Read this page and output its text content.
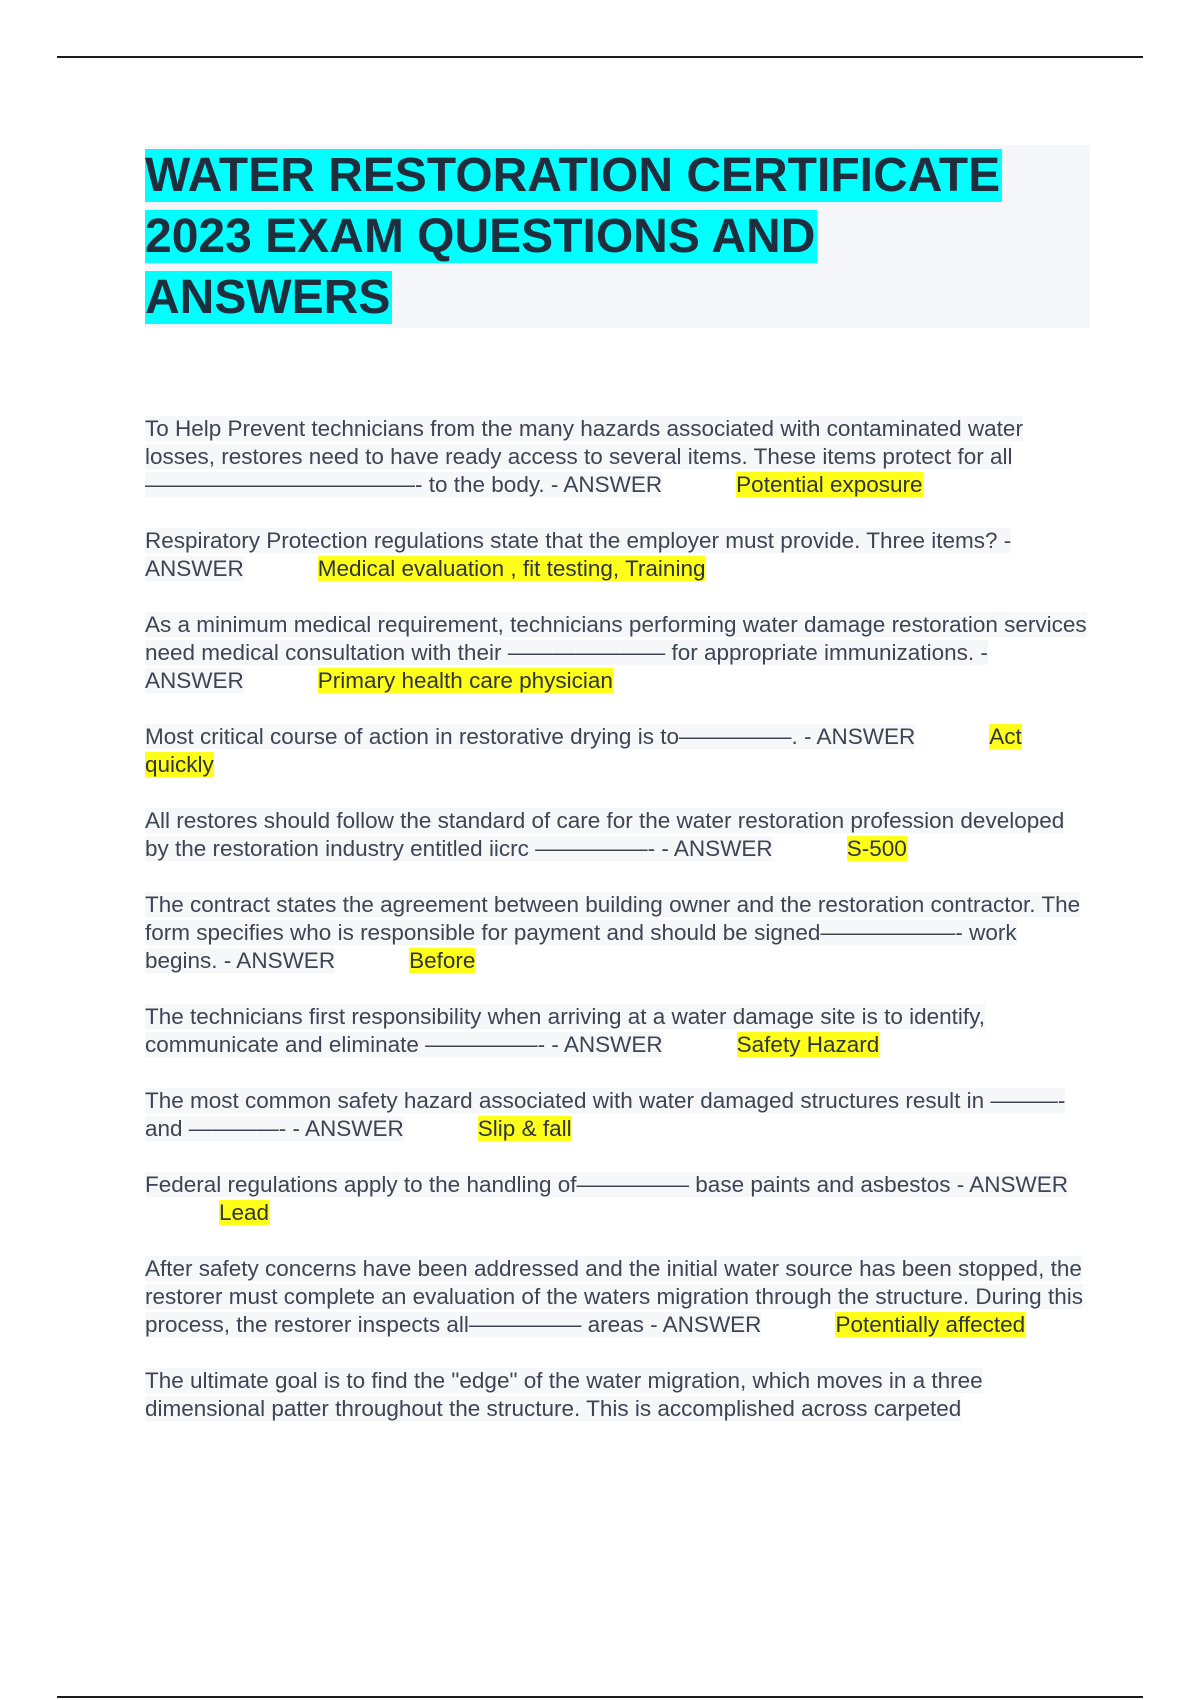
WATER RESTORATION CERTIFICATE
2023 EXAM QUESTIONS AND
ANSWERS

To Help Prevent technicians from the many hazards associated with contaminated water losses, restores need to have ready access to several items. These items protect for all————————————- to the body. - ANSWER	Potential exposure

Respiratory Protection regulations state that the employer must provide. Three items? - ANSWER	Medical evaluation , fit testing, Training

As a minimum medical requirement, technicians performing water damage restoration services need medical consultation with their ——————— for appropriate immunizations. - ANSWER	Primary health care physician

Most critical course of action in restorative drying is to—————. - ANSWER	Act quickly

All restores should follow the standard of care for the water restoration profession developed by the restoration industry entitled iicrc —————- - ANSWER	S-500

The contract states the agreement between building owner and the restoration contractor. The form specifies who is responsible for payment and should be signed——————- work begins. - ANSWER	Before

The technicians first responsibility when arriving at a water damage site is to identify, communicate and eliminate —————- - ANSWER	Safety Hazard

The most common safety hazard associated with water damaged structures result in ———- and ————- - ANSWER	Slip & fall

Federal regulations apply to the handling of————— base paints and asbestos - ANSWERLead

After safety concerns have been addressed and the initial water source has been stopped, the restorer must complete an evaluation of the waters migration through the structure. During this process, the restorer inspects all————— areas - ANSWER	Potentially affected

The ultimate goal is to find the "edge" of the water migration, which moves in a three dimensional patter throughout the structure. This is accomplished across carpeted
